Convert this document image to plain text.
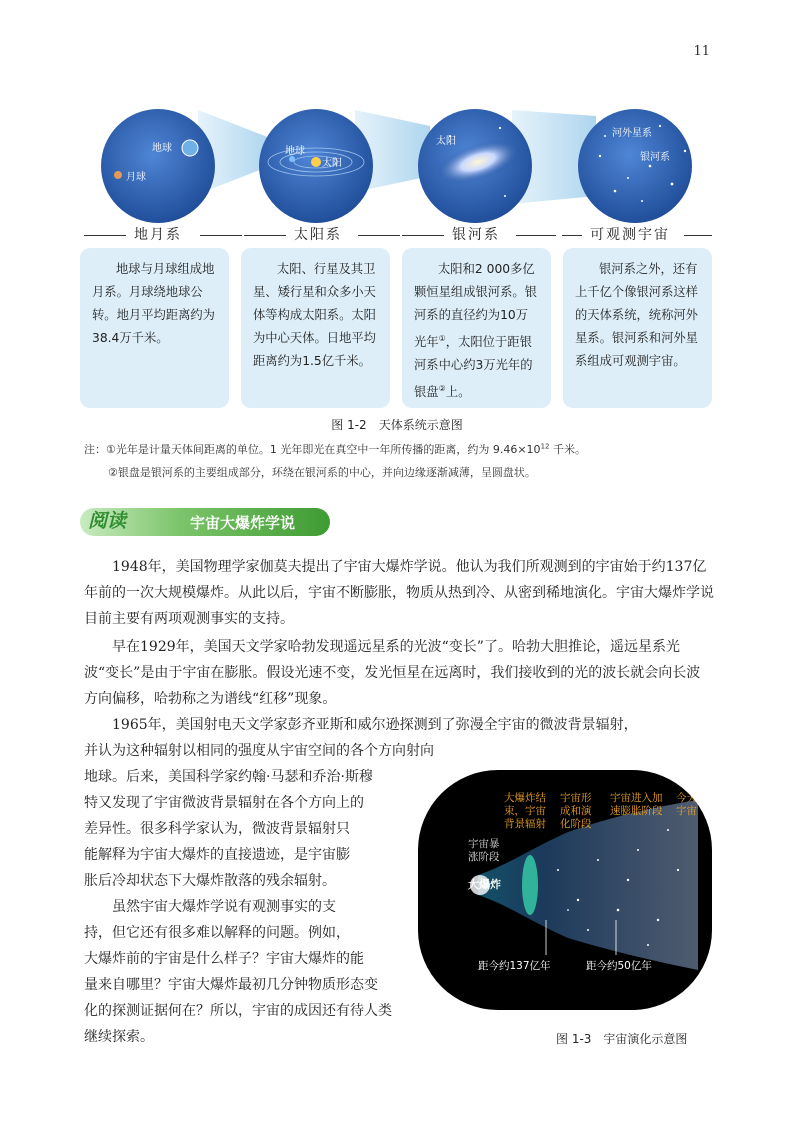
11
地球
月球
地球
太阳
太阳
河外星系
银河系
地月系	太阳系	银河系	可观测宇宙
地球与月球组成地月系。月球绕地球公转。地月平均距离约为38.4万千米。
太阳、行星及其卫星、矮行星和众多小天体等构成太阳系。太阳为中心天体。日地平均距离约为1.5亿千米。
太阳和2 000多亿颗恒星组成银河系。银河系的直径约为10万光年①，太阳位于距银河系中心约3万光年的银盘②上。
银河系之外，还有上千亿个像银河系这样的天体系统，统称河外星系。银河系和河外星系组成可观测宇宙。
图 1-2　天体系统示意图
注：①光年是计量天体间距离的单位。1 光年即光在真空中一年所传播的距离，约为 $9.46\times 10^{12}$ 千米。
②银盘是银河系的主要组成部分，环绕在银河系的中心，并向边缘逐渐减薄，呈圆盘状。
阅读	宇宙大爆炸学说
1948年，美国物理学家伽莫夫提出了宇宙大爆炸学说。他认为我们所观测到的宇宙始于约137亿年前的一次大规模爆炸。从此以后，宇宙不断膨胀，物质从热到冷、从密到稀地演化。宇宙大爆炸学说目前主要有两项观测事实的支持。
早在1929年，美国天文学家哈勃发现遥远星系的光波“变长”了。哈勃大胆推论，遥远星系光波“变长”是由于宇宙在膨胀。假设光速不变，发光恒星在远离时，我们接收到的光的波长就会向长波方向偏移，哈勃称之为谱线“红移”现象。
1965年，美国射电天文学家彭齐亚斯和威尔逊探测到了弥漫全宇宙的微波背景辐射，
并认为这种辐射以相同的强度从宇宙空间的各个方向射向
地球。后来，美国科学家约翰·马瑟和乔治·斯穆
特又发现了宇宙微波背景辐射在各个方向上的
差异性。很多科学家认为，微波背景辐射只
能解释为宇宙大爆炸的直接遗迹，是宇宙膨
胀后冷却状态下大爆炸散落的残余辐射。
虽然宇宙大爆炸学说有观测事实的支
持，但它还有很多难以解释的问题。例如，
大爆炸前的宇宙是什么样子？宇宙大爆炸的能
量来自哪里？宇宙大爆炸最初几分钟物质形态变
化的探测证据何在？所以，宇宙的成因还有待人类
继续探索。
大爆炸结
束，宇宙
背景辐射
宇宙形
成和演
化阶段
宇宙进入加
速膨胀阶段
今天的
宇宙
宇宙暴
涨阶段
大爆炸
距今约137亿年	距今约50亿年
图 1-3　宇宙演化示意图
